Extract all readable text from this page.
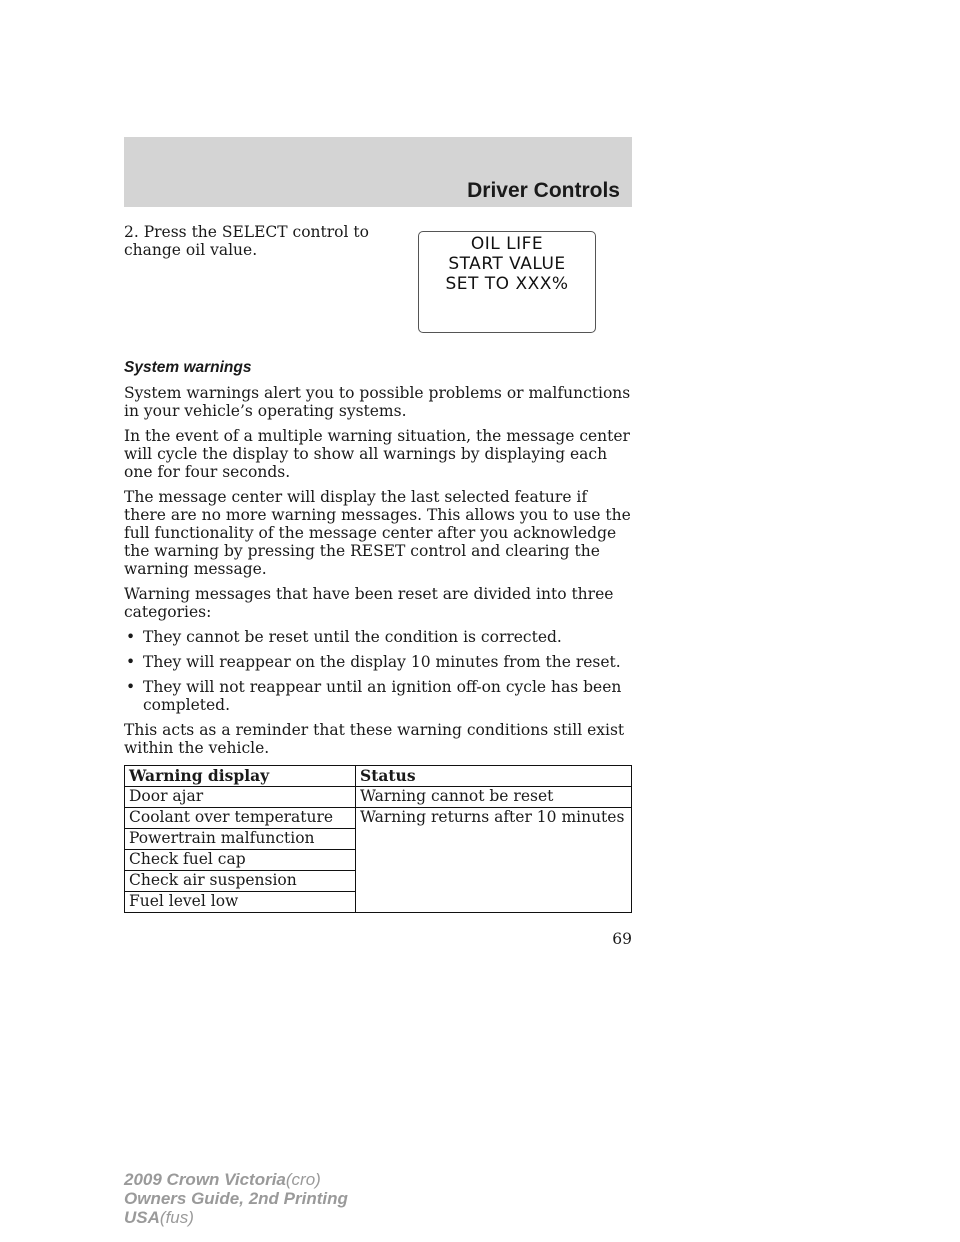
Driver Controls
2. Press the SELECT control to change oil value.	OIL LIFE
START VALUE
SET TO XXX%

System warnings

System warnings alert you to possible problems or malfunctions in your vehicle’s operating systems.

In the event of a multiple warning situation, the message center will cycle the display to show all warnings by displaying each one for four seconds.

The message center will display the last selected feature if there are no more warning messages. This allows you to use the full functionality of the message center after you acknowledge the warning by pressing the RESET control and clearing the warning message.

Warning messages that have been reset are divided into three categories:

• They cannot be reset until the condition is corrected.
• They will reappear on the display 10 minutes from the reset.
• They will not reappear until an ignition off-on cycle has been completed.

This acts as a reminder that these warning conditions still exist within the vehicle.

Warning display	Status
Door ajar	Warning cannot be reset
Coolant over temperature	Warning returns after 10 minutes
Powertrain malfunction	
Check fuel cap	
Check air suspension	
Fuel level low	
69
2009 Crown Victoria(cro)
Owners Guide, 2nd Printing
USA(fus)
